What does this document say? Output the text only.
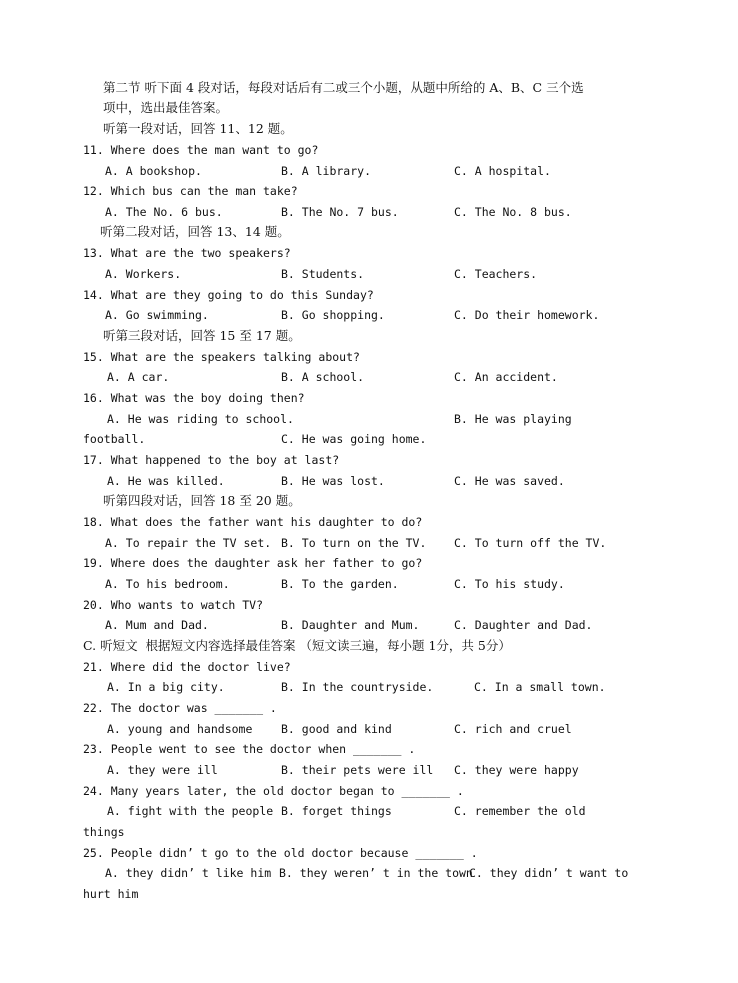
第二节 听下面 4 段对话，每段对话后有二或三个小题，从题中所给的 A、B、C 三个选
项中，选出最佳答案。
听第一段对话，回答 11、12 题。
11. Where does the man want to go?
A. A bookshop.	B. A library.	C. A hospital.
12. Which bus can the man take?
A. The No. 6 bus.	B. The No. 7 bus.	C. The No. 8 bus.
听第二段对话，回答 13、14 题。
13. What are the two speakers?
A. Workers.	B. Students.	C. Teachers.
14. What are they going to do this Sunday?
A. Go swimming.	B. Go shopping.	C. Do their homework.
听第三段对话，回答 15 至 17 题。
15. What are the speakers talking about?
A. A car.	B. A school.	C. An accident.
16. What was the boy doing then?
A. He was riding to school.	B. He was playing
football.	C. He was going home.
17. What happened to the boy at last?
A. He was killed.	B. He was lost.	C. He was saved.
听第四段对话，回答 18 至 20 题。
18. What does the father want his daughter to do?
A. To repair the TV set. B. To turn on the TV. C. To turn off the TV.
19. Where does the daughter ask her father to go?
A. To his bedroom.	B. To the garden.	C. To his study.
20. Who wants to watch TV?
A. Mum and Dad.	B. Daughter and Mum.	C. Daughter and Dad.
C. 听短文  根据短文内容选择最佳答案 （短文读三遍，每小题 1分，共 5分）
21. Where did the doctor live?
A. In a big city.	B. In the countryside.	C. In a small town.
22. The doctor was _______ .
A. young and handsome B. good and kind	C. rich and cruel
23. People went to see the doctor when _______ .
A. they were ill	B. their pets were ill C. they were happy
24. Many years later, the old doctor began to _______ .
A. fight with the people B. forget things	C. remember the old
things
25. People didn’ t go to the old doctor because _______ .
A. they didn’ t like him B. they weren’ t in the town
C. they didn’ t want to
hurt him
